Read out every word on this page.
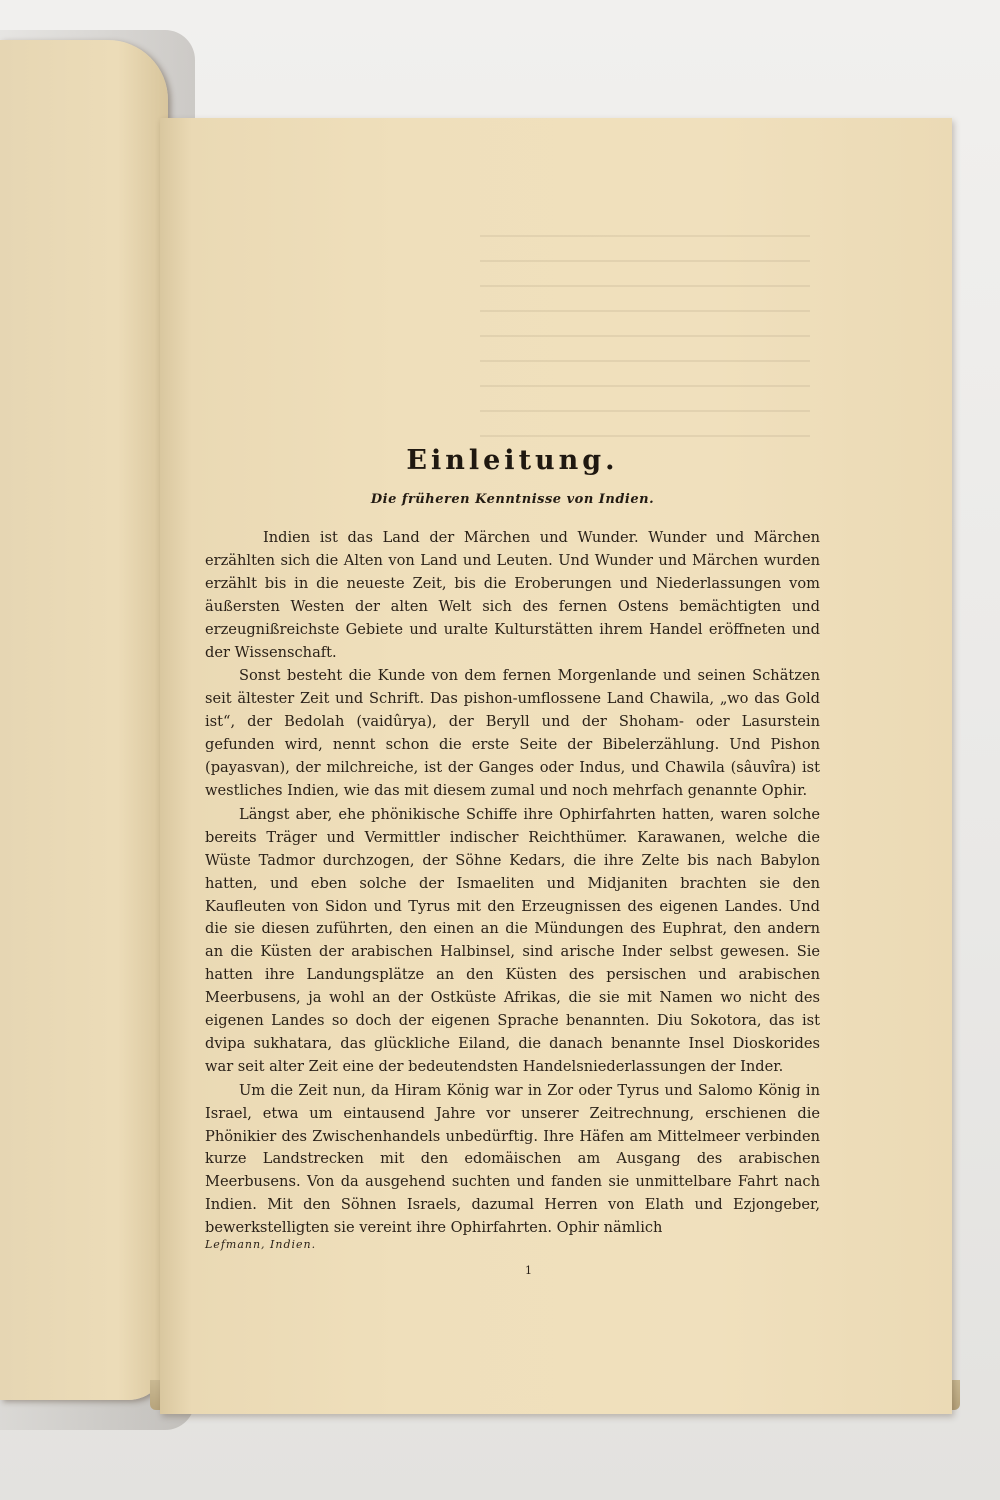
Einleitung.
Die früheren Kenntnisse von Indien.

Indien ist das Land der Märchen und Wunder. Wunder und Märchen erzählten sich die Alten von Land und Leuten. Und Wunder und Märchen wurden erzählt bis in die neueste Zeit, bis die Eroberungen und Niederlassungen vom äußersten Westen der alten Welt sich des fernen Ostens bemächtigten und erzeugnißreichste Gebiete und uralte Kulturstätten ihrem Handel eröffneten und der Wissenschaft.

Sonst besteht die Kunde von dem fernen Morgenlande und seinen Schätzen seit ältester Zeit und Schrift. Das pishon-umflossene Land Chawila, „wo das Gold ist“, der Bedolah (vaidûrya), der Beryll und der Shoham- oder Lasurstein gefunden wird, nennt schon die erste Seite der Bibelerzählung. Und Pishon (payasvan), der milchreiche, ist der Ganges oder Indus, und Chawila (sâuvîra) ist westliches Indien, wie das mit diesem zumal und noch mehrfach genannte Ophir.

Längst aber, ehe phönikische Schiffe ihre Ophirfahrten hatten, waren solche bereits Träger und Vermittler indischer Reichthümer. Karawanen, welche die Wüste Tadmor durchzogen, der Söhne Kedars, die ihre Zelte bis nach Babylon hatten, und eben solche der Ismaeliten und Midjaniten brachten sie den Kaufleuten von Sidon und Tyrus mit den Erzeugnissen des eigenen Landes. Und die sie diesen zuführten, den einen an die Mündungen des Euphrat, den andern an die Küsten der arabischen Halbinsel, sind arische Inder selbst gewesen. Sie hatten ihre Landungsplätze an den Küsten des persischen und arabischen Meerbusens, ja wohl an der Ostküste Afrikas, die sie mit Namen wo nicht des eigenen Landes so doch der eigenen Sprache benannten. Diu Sokotora, das ist dvipa sukhatara, das glückliche Eiland, die danach benannte Insel Dioskorides war seit alter Zeit eine der bedeutendsten Handelsniederlassungen der Inder.

Um die Zeit nun, da Hiram König war in Zor oder Tyrus und Salomo König in Israel, etwa um eintausend Jahre vor unserer Zeitrechnung, erschienen die Phönikier des Zwischenhandels unbedürftig. Ihre Häfen am Mittelmeer verbinden kurze Landstrecken mit den edomäischen am Ausgang des arabischen Meerbusens. Von da ausgehend suchten und fanden sie unmittelbare Fahrt nach Indien. Mit den Söhnen Israels, dazumal Herren von Elath und Ezjongeber, bewerkstelligten sie vereint ihre Ophirfahrten. Ophir nämlich

Lefmann, Indien.
1
